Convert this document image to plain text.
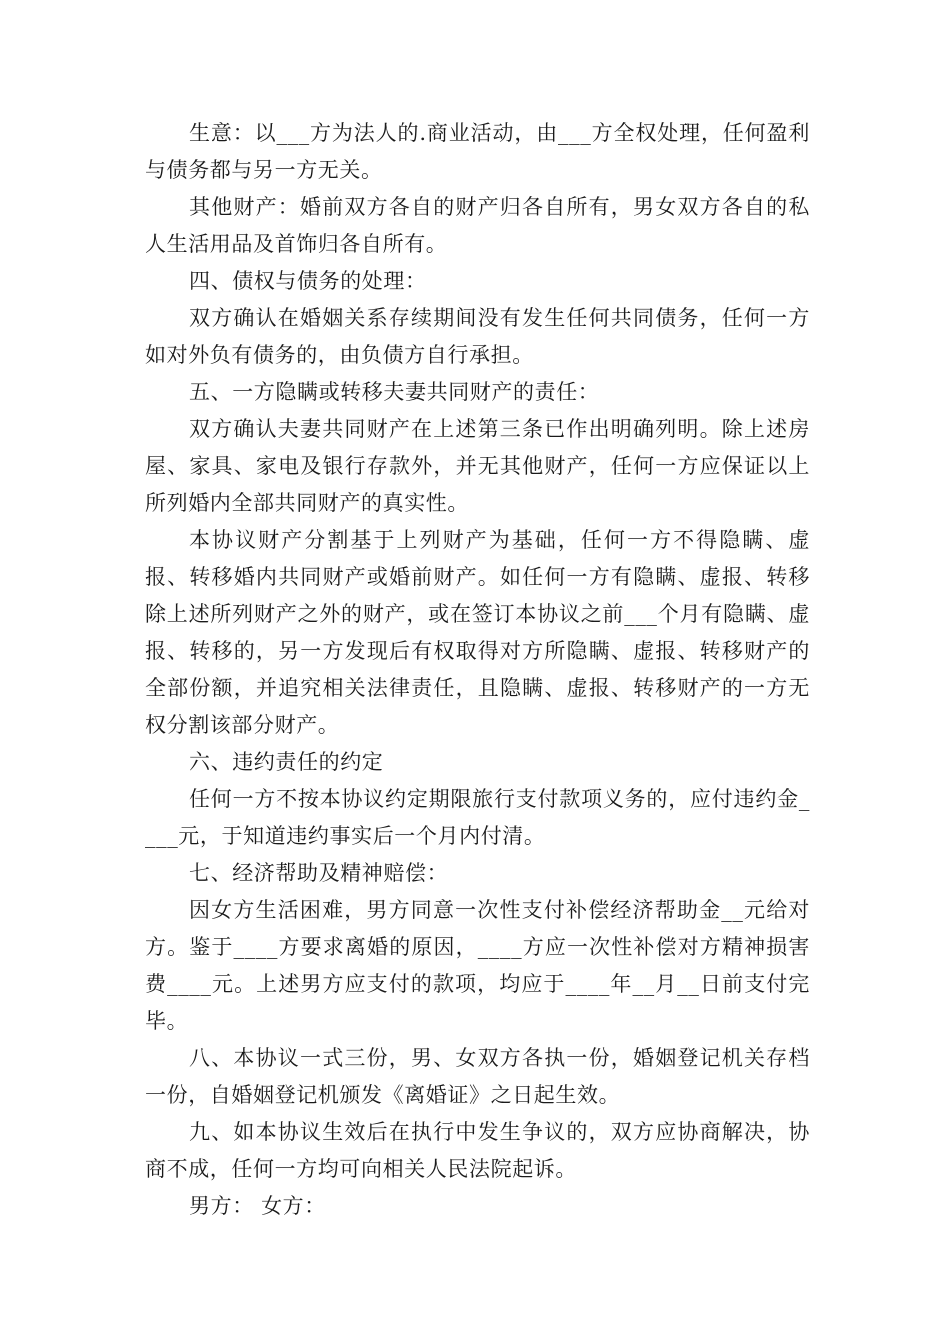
生意：以___方为法人的.商业活动，由___方全权处理，任何盈利与债务都与另一方无关。

其他财产：婚前双方各自的财产归各自所有，男女双方各自的私人生活用品及首饰归各自所有。

四、债权与债务的处理：

双方确认在婚姻关系存续期间没有发生任何共同债务，任何一方如对外负有债务的，由负债方自行承担。

五、一方隐瞒或转移夫妻共同财产的责任：

双方确认夫妻共同财产在上述第三条已作出明确列明。除上述房屋、家具、家电及银行存款外，并无其他财产，任何一方应保证以上所列婚内全部共同财产的真实性。

本协议财产分割基于上列财产为基础，任何一方不得隐瞒、虚报、转移婚内共同财产或婚前财产。如任何一方有隐瞒、虚报、转移除上述所列财产之外的财产，或在签订本协议之前___个月有隐瞒、虚报、转移的，另一方发现后有权取得对方所隐瞒、虚报、转移财产的全部份额，并追究相关法律责任，且隐瞒、虚报、转移财产的一方无权分割该部分财产。

六、违约责任的约定

任何一方不按本协议约定期限旅行支付款项义务的，应付违约金____元，于知道违约事实后一个月内付清。

七、经济帮助及精神赔偿：

因女方生活困难，男方同意一次性支付补偿经济帮助金__元给对方。鉴于____方要求离婚的原因，____方应一次性补偿对方精神损害费____元。上述男方应支付的款项，均应于____年__月__日前支付完毕。

八、本协议一式三份，男、女双方各执一份，婚姻登记机关存档一份，自婚姻登记机颁发《离婚证》之日起生效。

九、如本协议生效后在执行中发生争议的，双方应协商解决，协商不成，任何一方均可向相关人民法院起诉。

男方： 女方：
